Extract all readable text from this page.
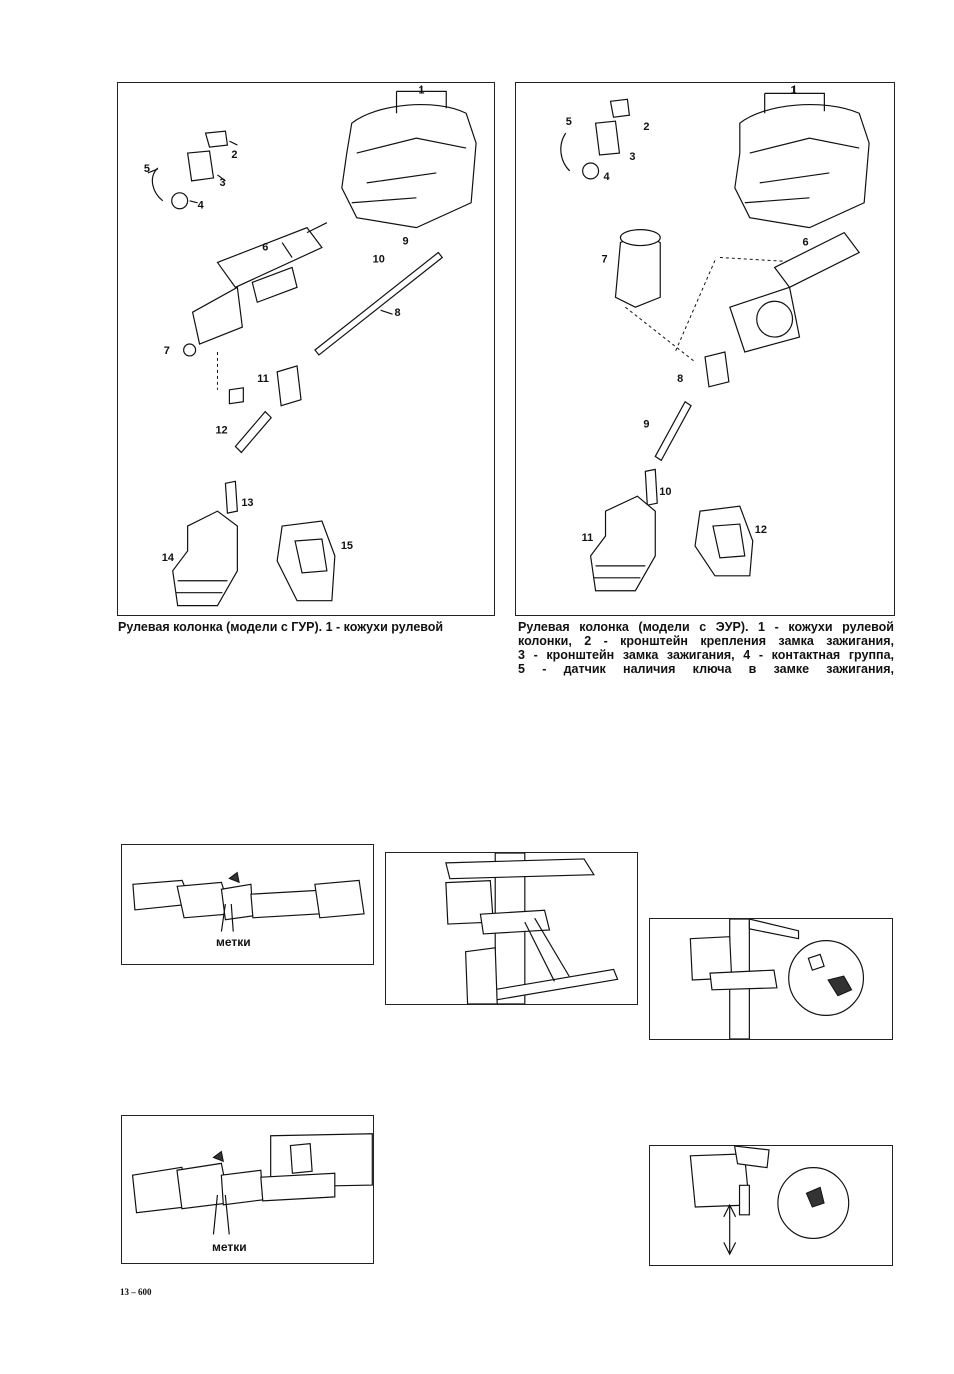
1
2
3
4
5
6
7
8
9
10
11
12
13
14
15
1
2
3
4
5
7
6
8
9
10
11
12
Рулевая колонка (модели с ГУР). 1 - кожухи рулевой	Рулевая колонка (модели с ЭУР). 1 - кожухи рулевой
колонки, 2 - кронштейн крепления замка зажигания,
3 - кронштейн замка зажигания, 4 - контактная группа,
5 - датчик наличия ключа в замке зажигания,
метки
метки
13 – 600
